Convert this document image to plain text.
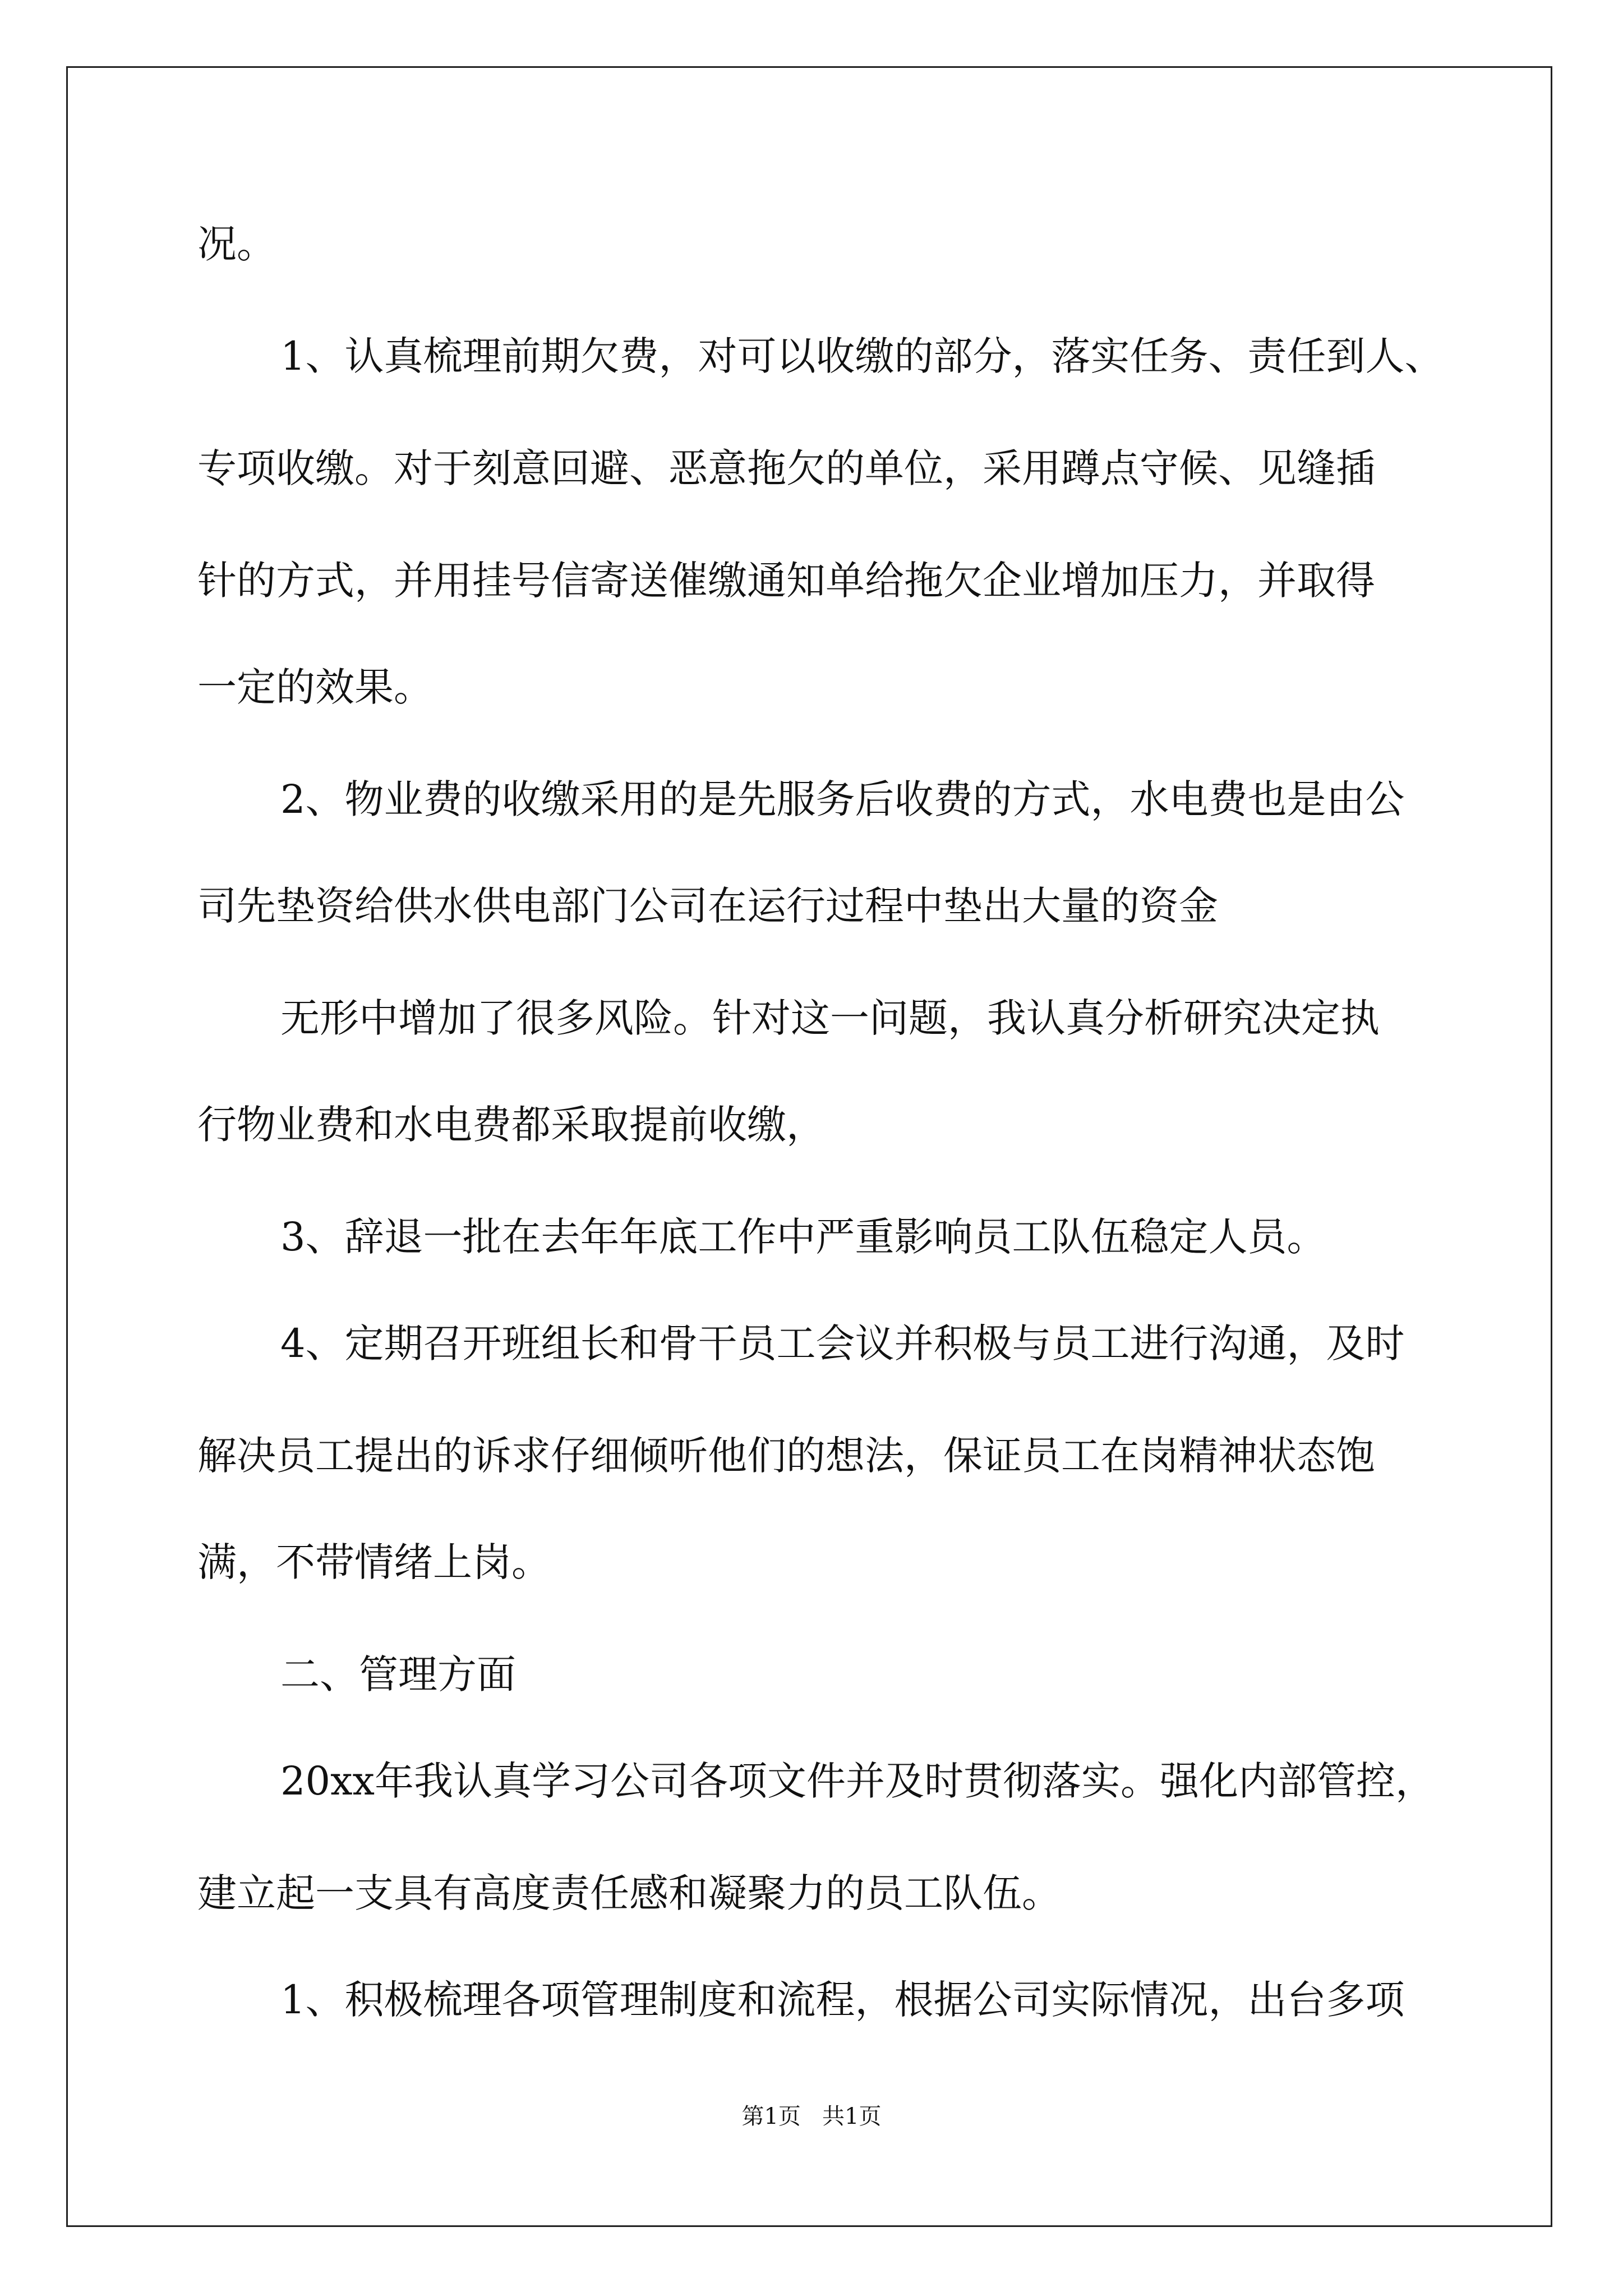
况。

1、认真梳理前期欠费，对可以收缴的部分，落实任务、责任到人、

专项收缴。对于刻意回避、恶意拖欠的单位，采用蹲点守候、见缝插

针的方式，并用挂号信寄送催缴通知单给拖欠企业增加压力，并取得

一定的效果。

2、物业费的收缴采用的是先服务后收费的方式，水电费也是由公

司先垫资给供水供电部门公司在运行过程中垫出大量的资金

无形中增加了很多风险。针对这一问题，我认真分析研究决定执

行物业费和水电费都采取提前收缴，

3、辞退一批在去年年底工作中严重影响员工队伍稳定人员。

4、定期召开班组长和骨干员工会议并积极与员工进行沟通，及时

解决员工提出的诉求仔细倾听他们的想法，保证员工在岗精神状态饱

满，不带情绪上岗。

二、管理方面

20xx年我认真学习公司各项文件并及时贯彻落实。强化内部管控，

建立起一支具有高度责任感和凝聚力的员工队伍。

1、积极梳理各项管理制度和流程，根据公司实际情况，出台多项

第1页   共1页
